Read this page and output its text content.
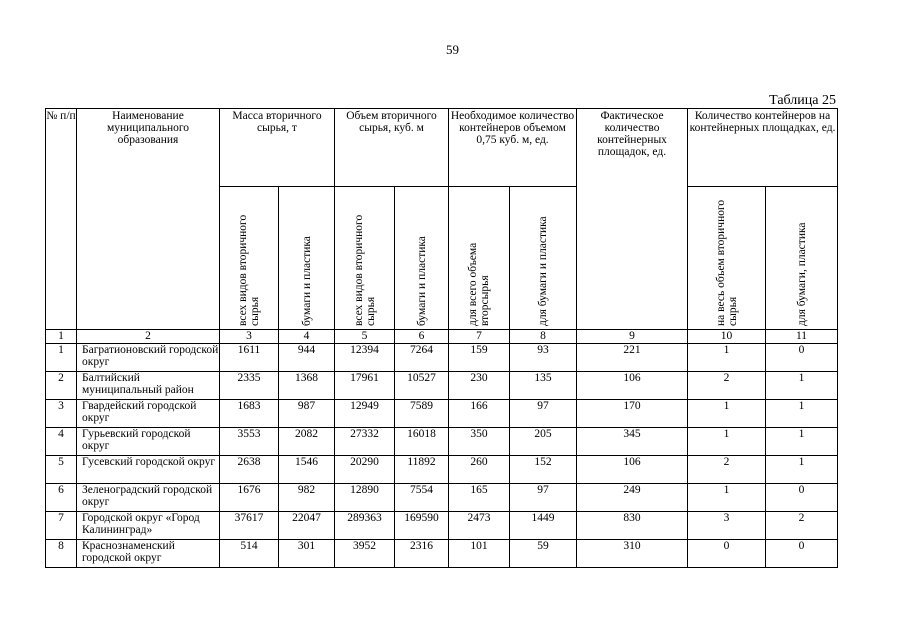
59
Таблица 25
№ п/п	Наименование муниципального образования	Масса вторичного сырья, т		Объем вторичного сырья, куб. м		Необходимое количество контейнеров объемом 0,75 куб. м, ед.		Фактическое количество контейнерных площадок, ед.	Количество контейнеров на контейнерных площадках, ед.	

		всех видов вторичного сырья	бумаги и пластика	всех видов вторичного сырья	бумаги и пластика	для всего объема вторсырья	для бумаги и пластика		на весь объем вторичного сырья	для бумаги, пластика

1	2	3	4	5	6	7	8	9	10	11
1	Багратионовский городской округ	1611	944	12394	7264	159	93	221	1	0
2	Балтийский муниципальный район	2335	1368	17961	10527	230	135	106	2	1
3	Гвардейский городской округ	1683	987	12949	7589	166	97	170	1	1
4	Гурьевский городской округ	3553	2082	27332	16018	350	205	345	1	1
5	Гусевский городской округ	2638	1546	20290	11892	260	152	106	2	1
6	Зеленоградский городской округ	1676	982	12890	7554	165	97	249	1	0
7	Городской округ «Город Калининград»	37617	22047	289363	169590	2473	1449	830	3	2
8	Краснознаменский городской округ	514	301	3952	2316	101	59	310	0	0
